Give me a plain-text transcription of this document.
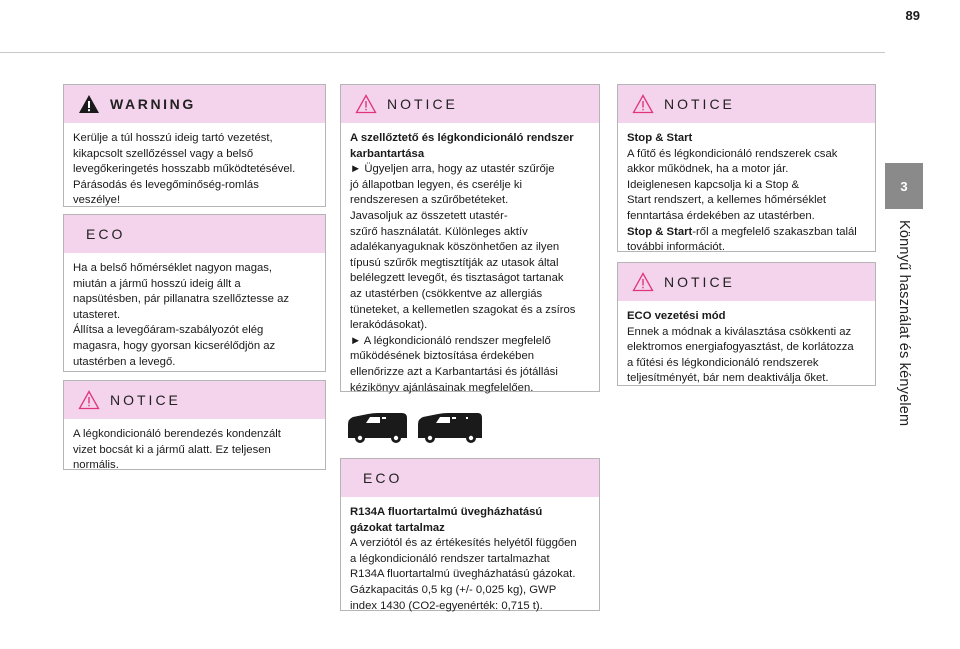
89
3
Könnyű használat és kényelem
WARNING
Kerülje a túl hosszú ideig tartó vezetést,
kikapcsolt szellőzéssel vagy a belső
levegőkeringetés hosszabb működtetésével.
Párásodás és levegőminőség-romlás
veszélye!
ECO
Ha a belső hőmérséklet nagyon magas,
miután a jármű hosszú ideig állt a
napsütésben, pár pillanatra szellőztesse az
utasteret.
Állítsa a levegőáram-szabályozót elég
magasra, hogy gyorsan kicserélődjön az
utastérben a levegő.
NOTICE
A légkondicionáló berendezés kondenzált
vizet bocsát ki a jármű alatt. Ez teljesen
normális.
NOTICE
A szellőztető és légkondicionáló rendszer
karbantartása
► Ügyeljen arra, hogy az utastér szűrője
jó állapotban legyen, és cserélje ki
rendszeresen a szűrőbetéteket.
Javasoljuk az összetett utastér-
szűrő használatát. Különleges aktív
adalékanyaguknak köszönhetően az ilyen
típusú szűrők megtisztítják az utasok által
belélegzett levegőt, és tisztaságot tartanak
az utastérben (csökkentve az allergiás
tüneteket, a kellemetlen szagokat és a zsíros
lerakódásokat).
► A légkondicionáló rendszer megfelelő
működésének biztosítása érdekében
ellenőrizze azt a Karbantartási és jótállási
kézikönyv ajánlásainak megfelelően.
ECO
R134A fluortartalmú üvegházhatású
gázokat tartalmaz
A verziótól és az értékesítés helyétől függően
a légkondicionáló rendszer tartalmazhat
R134A fluortartalmú üvegházhatású gázokat.
Gázkapacitás 0,5 kg (+/- 0,025 kg), GWP
index 1430 (CO2-egyenérték: 0,715 t).
NOTICE
Stop & Start
A fűtő és légkondicionáló rendszerek csak
akkor működnek, ha a motor jár.
Ideiglenesen kapcsolja ki a Stop &
Start rendszert, a kellemes hőmérséklet
fenntartása érdekében az utastérben.
Stop & Start-ről a megfelelő szakaszban talál
további információt.
NOTICE
ECO vezetési mód
Ennek a módnak a kiválasztása csökkenti az
elektromos energiafogyasztást, de korlátozza
a fűtési és légkondicionáló rendszerek
teljesítményét, bár nem deaktiválja őket.
